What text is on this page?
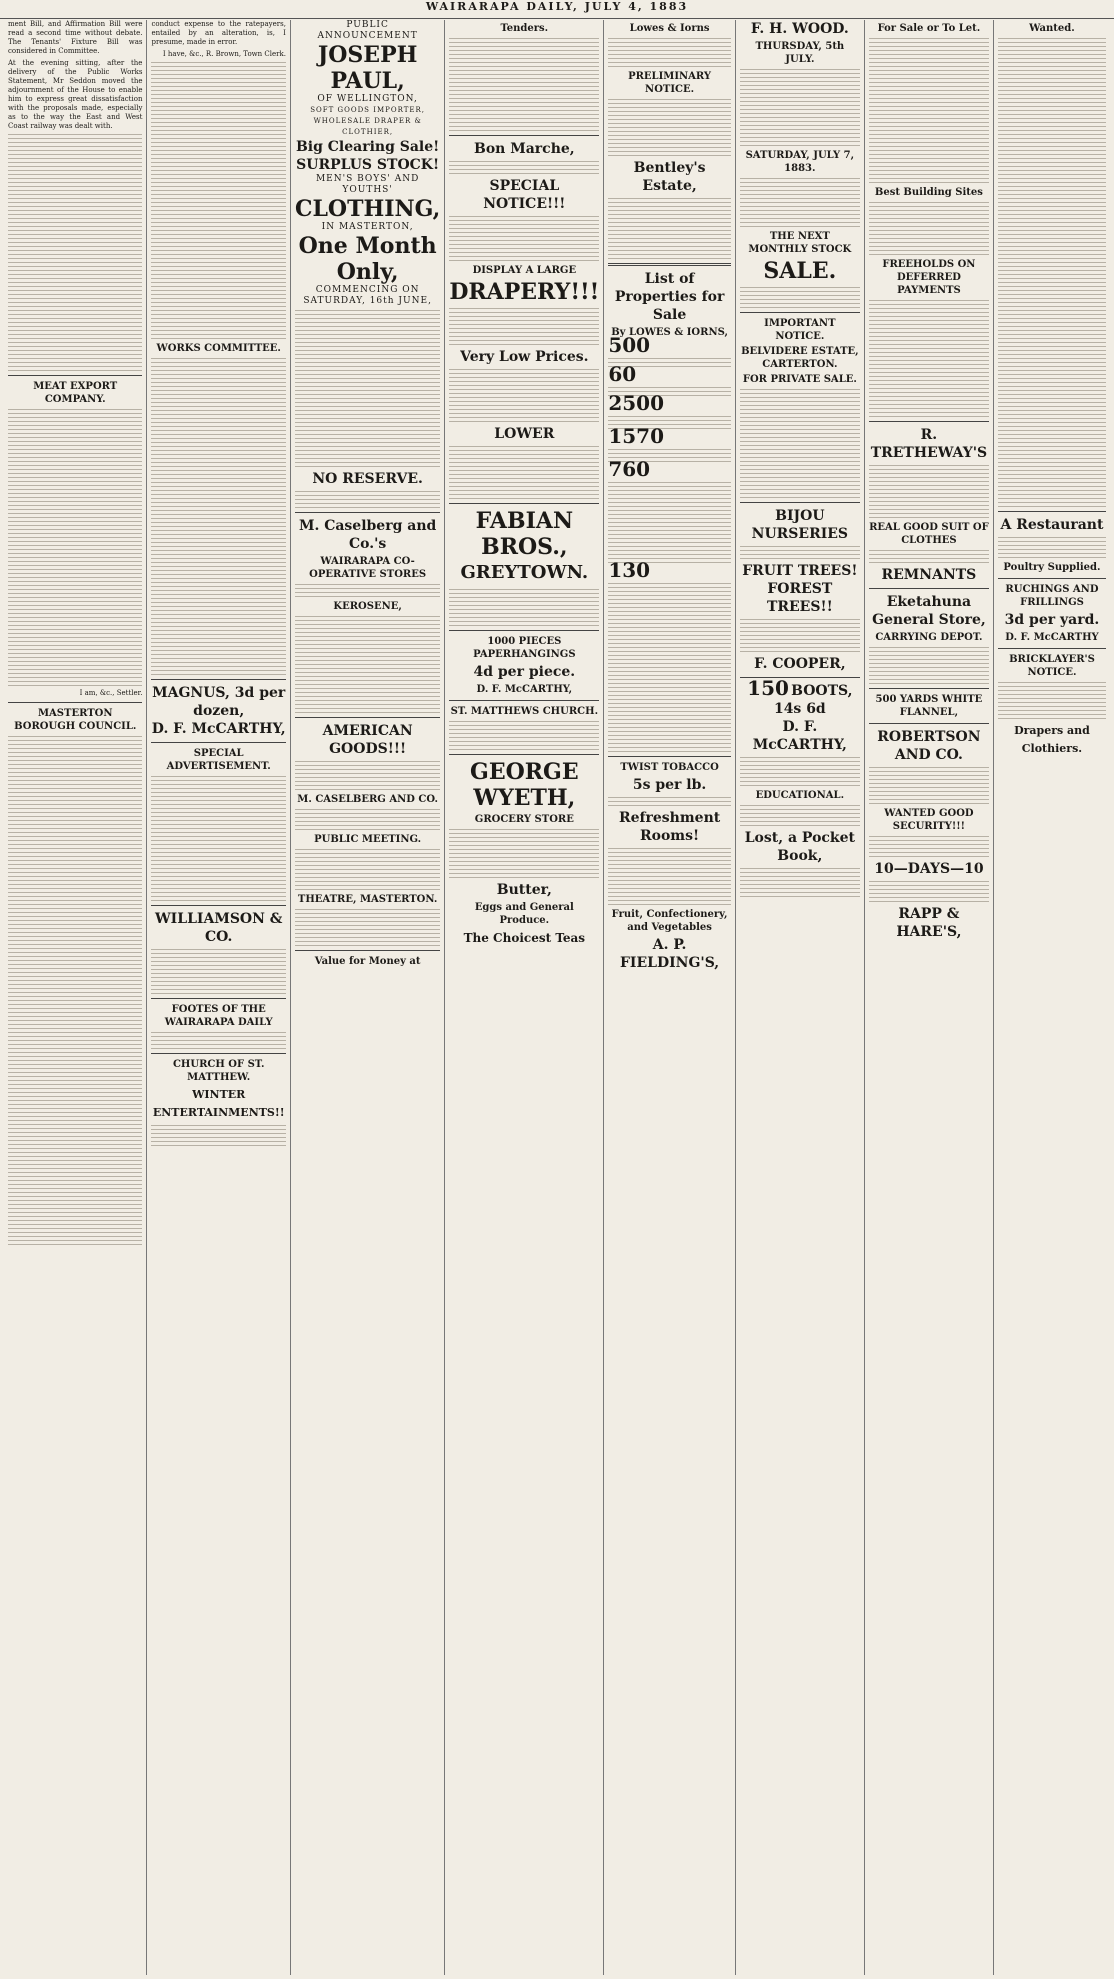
WAIRARAPA DAILY, JULY 4, 1883

ment Bill, and Affirmation Bill were read a second time without debate. The Tenants' Fixture Bill was considered in Committee.

At the evening sitting, after the delivery of the Public Works Statement, Mr Seddon moved the adjournment of the House to enable him to express great dissatisfaction with the proposals made, especially as to the way the East and West Coast railway was dealt with.

MEAT EXPORT COMPANY.
I am, &c., Settler.
MASTERTON BOROUGH COUNCIL.

conduct expense to the ratepayers, entailed by an alteration, is, I presume, made in error.

I have, &c., R. Brown, Town Clerk.
WORKS COMMITTEE.
MAGNUS, 3d per dozen,
D. F. McCARTHY,
SPECIAL ADVERTISEMENT.
WILLIAMSON & CO.
FOOTES OF THE WAIRARAPA DAILY
CHURCH OF ST. MATTHEW.
WINTER ENTERTAINMENTS!!
PUBLIC ANNOUNCEMENT
JOSEPH PAUL,
OF WELLINGTON,
SOFT GOODS IMPORTER, WHOLESALE DRAPER & CLOTHIER,
Big Clearing Sale!
SURPLUS STOCK!
MEN'S BOYS' AND YOUTHS'
CLOTHING,
IN MASTERTON,
One Month Only,
COMMENCING ON SATURDAY, 16th JUNE,
NO RESERVE.
M. Caselberg and Co.'s
WAIRARAPA CO-OPERATIVE STORES
KEROSENE,
AMERICAN GOODS!!!
M. CASELBERG AND CO.
PUBLIC MEETING.
THEATRE, MASTERTON.
Value for Money at
Tenders.
Bon Marche,
SPECIAL NOTICE!!!
DISPLAY A LARGE
DRAPERY!!!
Very Low Prices.
LOWER
FABIAN BROS.,
GREYTOWN.
1000 PIECES PAPERHANGINGS
4d per piece.
D. F. McCARTHY,
ST. MATTHEWS CHURCH.
GEORGE WYETH,
GROCERY STORE
Butter,
Eggs and General Produce.
The Choicest Teas
Lowes & Iorns
PRELIMINARY NOTICE.
Bentley's Estate,
List of Properties for Sale
By LOWES & IORNS,
500
60
2500
1570
760
130
TWIST TOBACCO
5s per lb.
Refreshment Rooms!
Fruit, Confectionery, and Vegetables
A. P. FIELDING'S,
F. H. WOOD.
THURSDAY, 5th JULY.
SATURDAY, JULY 7, 1883.
THE NEXT MONTHLY STOCK
SALE.
IMPORTANT NOTICE.
BELVIDERE ESTATE, CARTERTON.
FOR PRIVATE SALE.
BIJOU NURSERIES
FRUIT TREES!
FOREST TREES!!
F. COOPER,
150 BOOTS,
14s 6d
D. F. McCARTHY,
EDUCATIONAL.
Lost, a Pocket Book,
For Sale or To Let.
Best Building Sites
FREEHOLDS ON DEFERRED PAYMENTS
R. TRETHEWAY'S
REAL GOOD SUIT OF CLOTHES
REMNANTS
Eketahuna General Store,
CARRYING DEPOT.
500 YARDS WHITE FLANNEL,
ROBERTSON AND CO.
WANTED GOOD SECURITY!!!
10—DAYS—10
RAPP & HARE'S,
Wanted.
A Restaurant
Poultry Supplied.
RUCHINGS AND FRILLINGS
3d per yard.
D. F. McCARTHY
BRICKLAYER'S NOTICE.
Drapers and Clothiers.
